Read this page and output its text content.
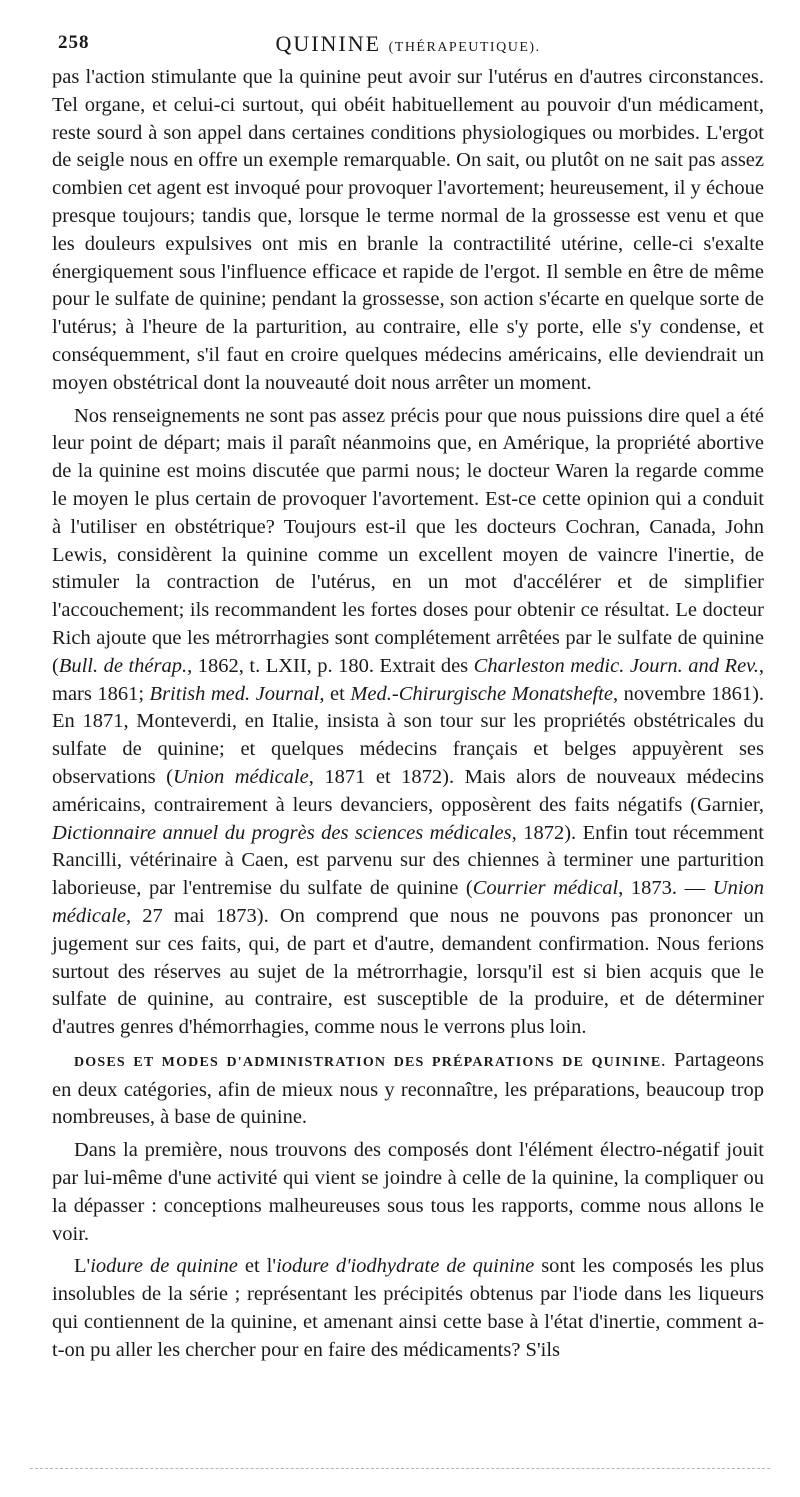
258	QUININE (THÉRAPEUTIQUE).

pas l'action stimulante que la quinine peut avoir sur l'utérus en d'autres circonstances. Tel organe, et celui-ci surtout, qui obéit habituellement au pouvoir d'un médicament, reste sourd à son appel dans certaines conditions physiologiques ou morbides. L'ergot de seigle nous en offre un exemple remarquable. On sait, ou plutôt on ne sait pas assez combien cet agent est invoqué pour provoquer l'avortement; heureusement, il y échoue presque toujours; tandis que, lorsque le terme normal de la grossesse est venu et que les douleurs expulsives ont mis en branle la contractilité utérine, celle-ci s'exalte énergiquement sous l'influence efficace et rapide de l'ergot. Il semble en être de même pour le sulfate de quinine; pendant la grossesse, son action s'écarte en quelque sorte de l'utérus; à l'heure de la parturition, au contraire, elle s'y porte, elle s'y condense, et conséquemment, s'il faut en croire quelques médecins américains, elle deviendrait un moyen obstétrical dont la nouveauté doit nous arrêter un moment.

Nos renseignements ne sont pas assez précis pour que nous puissions dire quel a été leur point de départ; mais il paraît néanmoins que, en Amérique, la propriété abortive de la quinine est moins discutée que parmi nous; le docteur Waren la regarde comme le moyen le plus certain de provoquer l'avortement. Est-ce cette opinion qui a conduit à l'utiliser en obstétrique? Toujours est-il que les docteurs Cochran, Canada, John Lewis, considèrent la quinine comme un excellent moyen de vaincre l'inertie, de stimuler la contraction de l'utérus, en un mot d'accélérer et de simplifier l'accouchement; ils recommandent les fortes doses pour obtenir ce résultat. Le docteur Rich ajoute que les métrorrhagies sont complétement arrêtées par le sulfate de quinine (Bull. de thérap., 1862, t. LXII, p. 180. Extrait des Charleston medic. Journ. and Rev., mars 1861; British med. Journal, et Med.-Chirurgische Monatshefte, novembre 1861). En 1871, Monteverdi, en Italie, insista à son tour sur les propriétés obstétricales du sulfate de quinine; et quelques médecins français et belges appuyèrent ses observations (Union médicale, 1871 et 1872). Mais alors de nouveaux médecins américains, contrairement à leurs devanciers, opposèrent des faits négatifs (Garnier, Dictionnaire annuel du progrès des sciences médicales, 1872). Enfin tout récemment Rancilli, vétérinaire à Caen, est parvenu sur des chiennes à terminer une parturition laborieuse, par l'entremise du sulfate de quinine (Courrier médical, 1873. — Union médicale, 27 mai 1873). On comprend que nous ne pouvons pas prononcer un jugement sur ces faits, qui, de part et d'autre, demandent confirmation. Nous ferions surtout des réserves au sujet de la métrorrhagie, lorsqu'il est si bien acquis que le sulfate de quinine, au contraire, est susceptible de la produire, et de déterminer d'autres genres d'hémorrhagies, comme nous le verrons plus loin.

DOSES ET MODES D'ADMINISTRATION DES PRÉPARATIONS DE QUININE. Partageons en deux catégories, afin de mieux nous y reconnaître, les préparations, beaucoup trop nombreuses, à base de quinine.

Dans la première, nous trouvons des composés dont l'élément électro-négatif jouit par lui-même d'une activité qui vient se joindre à celle de la quinine, la compliquer ou la dépasser : conceptions malheureuses sous tous les rapports, comme nous allons le voir.

L'iodure de quinine et l'iodure d'iodhydrate de quinine sont les composés les plus insolubles de la série ; représentant les précipités obtenus par l'iode dans les liqueurs qui contiennent de la quinine, et amenant ainsi cette base à l'état d'inertie, comment a-t-on pu aller les chercher pour en faire des médicaments? S'ils
